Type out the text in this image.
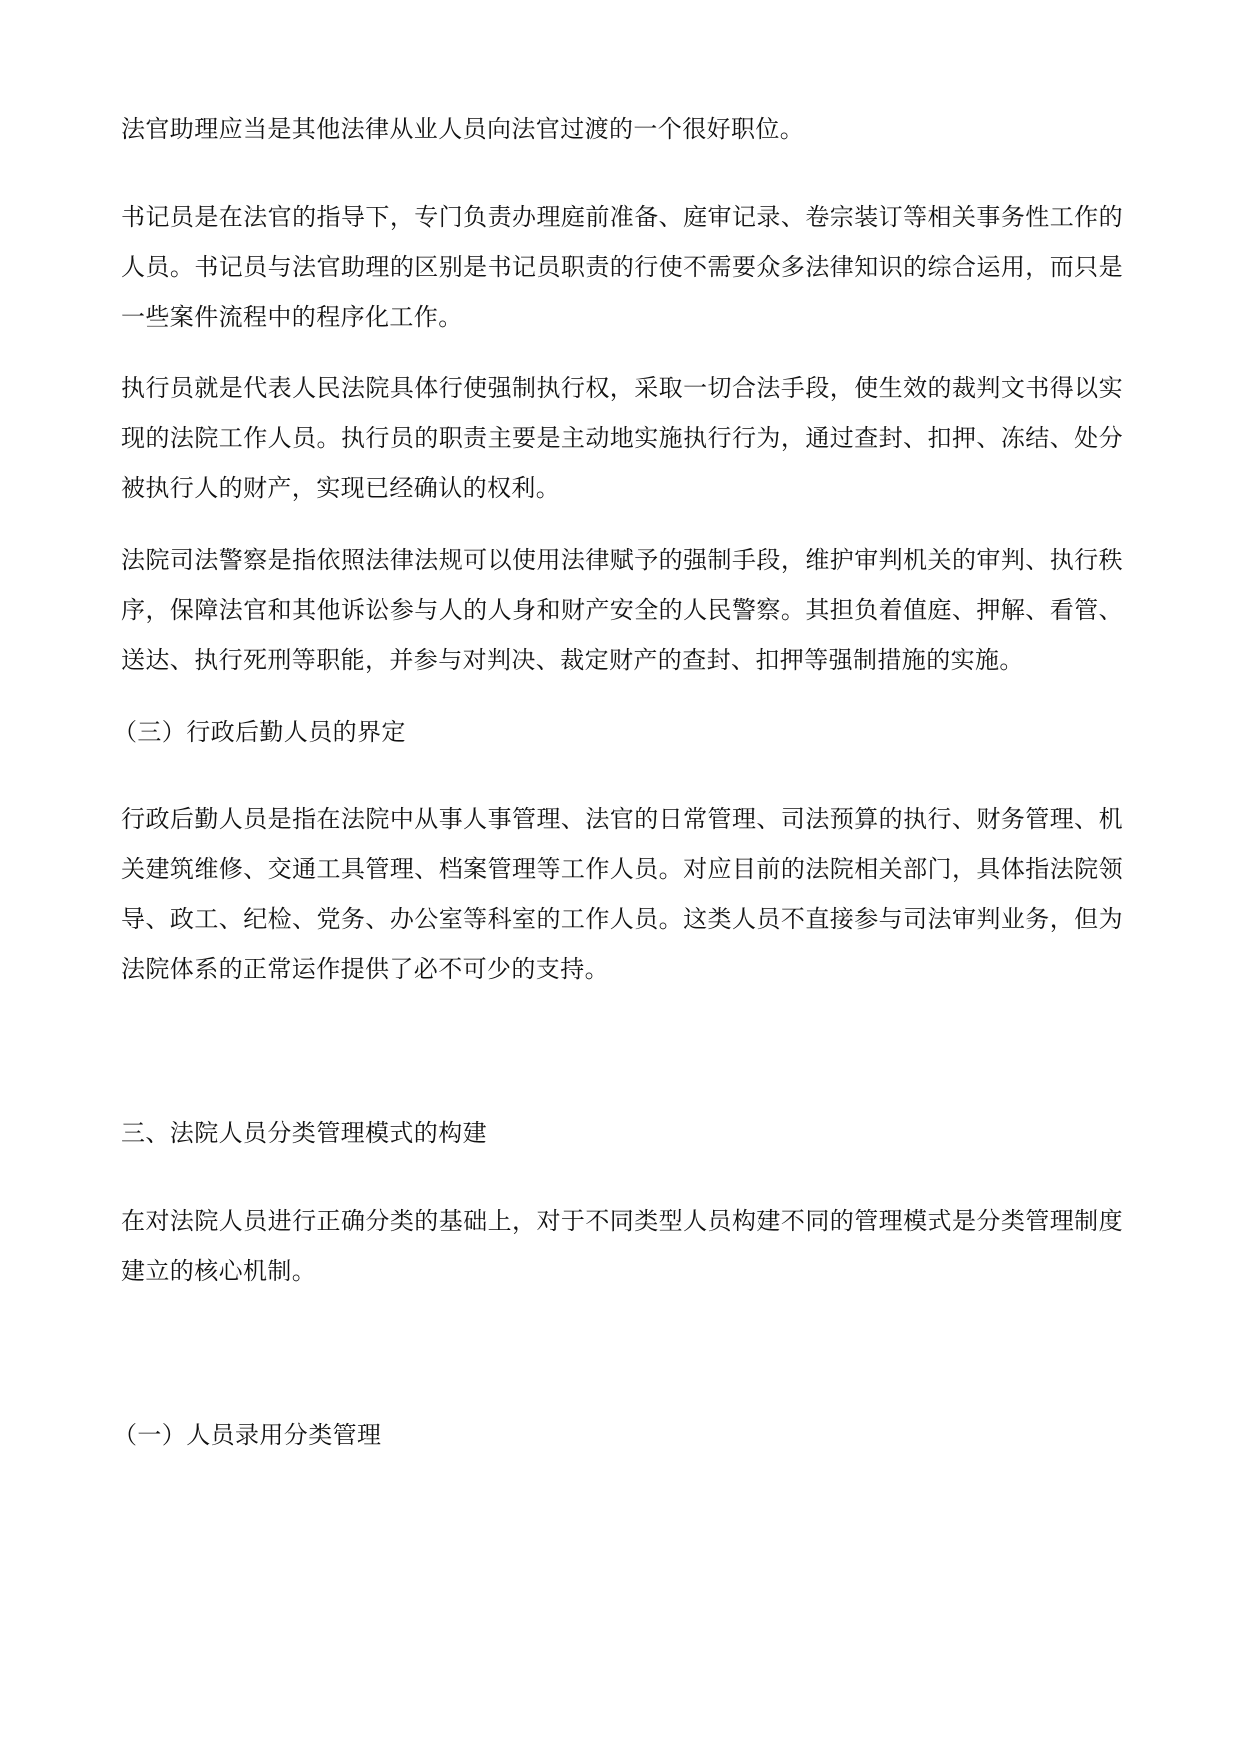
法官助理应当是其他法律从业人员向法官过渡的一个很好职位。

书记员是在法官的指导下，专门负责办理庭前准备、庭审记录、卷宗装订等相关事务性工作的人员。书记员与法官助理的区别是书记员职责的行使不需要众多法律知识的综合运用，而只是一些案件流程中的程序化工作。

执行员就是代表人民法院具体行使强制执行权，采取一切合法手段，使生效的裁判文书得以实现的法院工作人员。执行员的职责主要是主动地实施执行行为，通过查封、扣押、冻结、处分被执行人的财产，实现已经确认的权利。

法院司法警察是指依照法律法规可以使用法律赋予的强制手段，维护审判机关的审判、执行秩序，保障法官和其他诉讼参与人的人身和财产安全的人民警察。其担负着值庭、押解、看管、送达、执行死刑等职能，并参与对判决、裁定财产的查封、扣押等强制措施的实施。

（三）行政后勤人员的界定

行政后勤人员是指在法院中从事人事管理、法官的日常管理、司法预算的执行、财务管理、机关建筑维修、交通工具管理、档案管理等工作人员。对应目前的法院相关部门，具体指法院领导、政工、纪检、党务、办公室等科室的工作人员。这类人员不直接参与司法审判业务，但为法院体系的正常运作提供了必不可少的支持。

三、法院人员分类管理模式的构建

在对法院人员进行正确分类的基础上，对于不同类型人员构建不同的管理模式是分类管理制度建立的核心机制。

（一）人员录用分类管理
